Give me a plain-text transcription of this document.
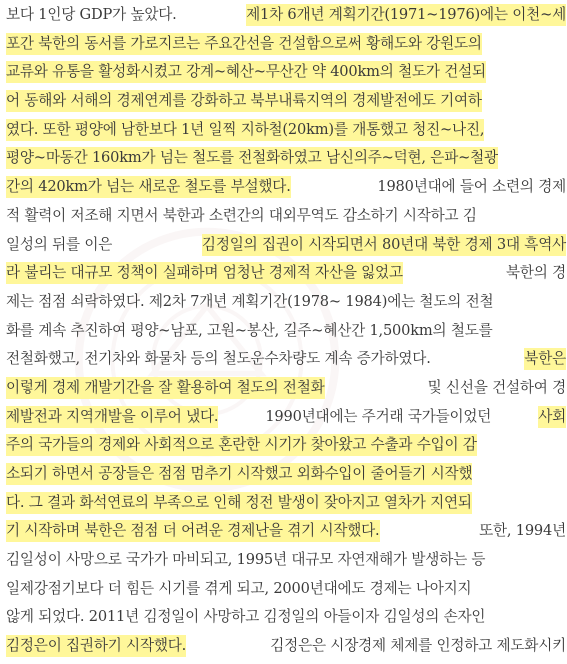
보다 1인당 GDP가 높았다.	제1차 6개년 계획기간(1971~1976)에는 이천~세
포간 북한의 동서를 가로지르는 주요간선을 건설함으로써 황해도와 강원도의
교류와 유통을 활성화시켰고 강계~혜산~무산간 약 400km의 철도가 건설되
어 동해와 서해의 경제연계를 강화하고 북부내륙지역의 경제발전에도 기여하
였다. 또한 평양에 남한보다 1년 일찍 지하철(20km)를 개통했고 청진~나진,
평양~마동간 160km가 넘는 철도를 전철화하였고 남신의주~덕현, 은파~철광
간의 420km가 넘는 새로운 철도를 부설했다.	1980년대에 들어 소련의 경제
적 활력이 저조해 지면서 북한과 소련간의 대외무역도 감소하기 시작하고 김
일성의 뒤를 이은	김정일의 집권이 시작되면서 80년대 북한 경제 3대 흑역사
라 불리는 대규모 정책이 실패하며 엄청난 경제적 자산을 잃었고	북한의 경
제는 점점 쇠락하였다. 제2차 7개년 계획기간(1978~ 1984)에는 철도의 전철
화를 계속 추진하여 평양~남포, 고원~봉산, 길주~혜산간 1,500km의 철도를
전철화했고, 전기차와 화물차 등의 철도운수차량도 계속 증가하였다.	북한은
이렇게 경제 개발기간을 잘 활용하여 철도의 전철화	및 신선을 건설하여 경
제발전과 지역개발을 이루어 냈다.	1990년대에는 주거래 국가들이었던	사회
주의 국가들의 경제와 사회적으로 혼란한 시기가 찾아왔고 수출과 수입이 감
소되기 하면서 공장들은 점점 멈추기 시작했고 외화수입이 줄어들기 시작했
다. 그 결과 화석연료의 부족으로 인해 정전 발생이 잦아지고 열차가 지연되
기 시작하며 북한은 점점 더 어려운 경제난을 겪기 시작했다.	또한, 1994년
김일성이 사망으로 국가가 마비되고, 1995년 대규모 자연재해가 발생하는 등
일제강점기보다 더 힘든 시기를 겪게 되고, 2000년대에도 경제는 나아지지
않게 되었다. 2011년 김정일이 사망하고 김정일의 아들이자 김일성의 손자인
김정은이 집권하기 시작했다.	김정은은 시장경제 체제를 인정하고 제도화시키
